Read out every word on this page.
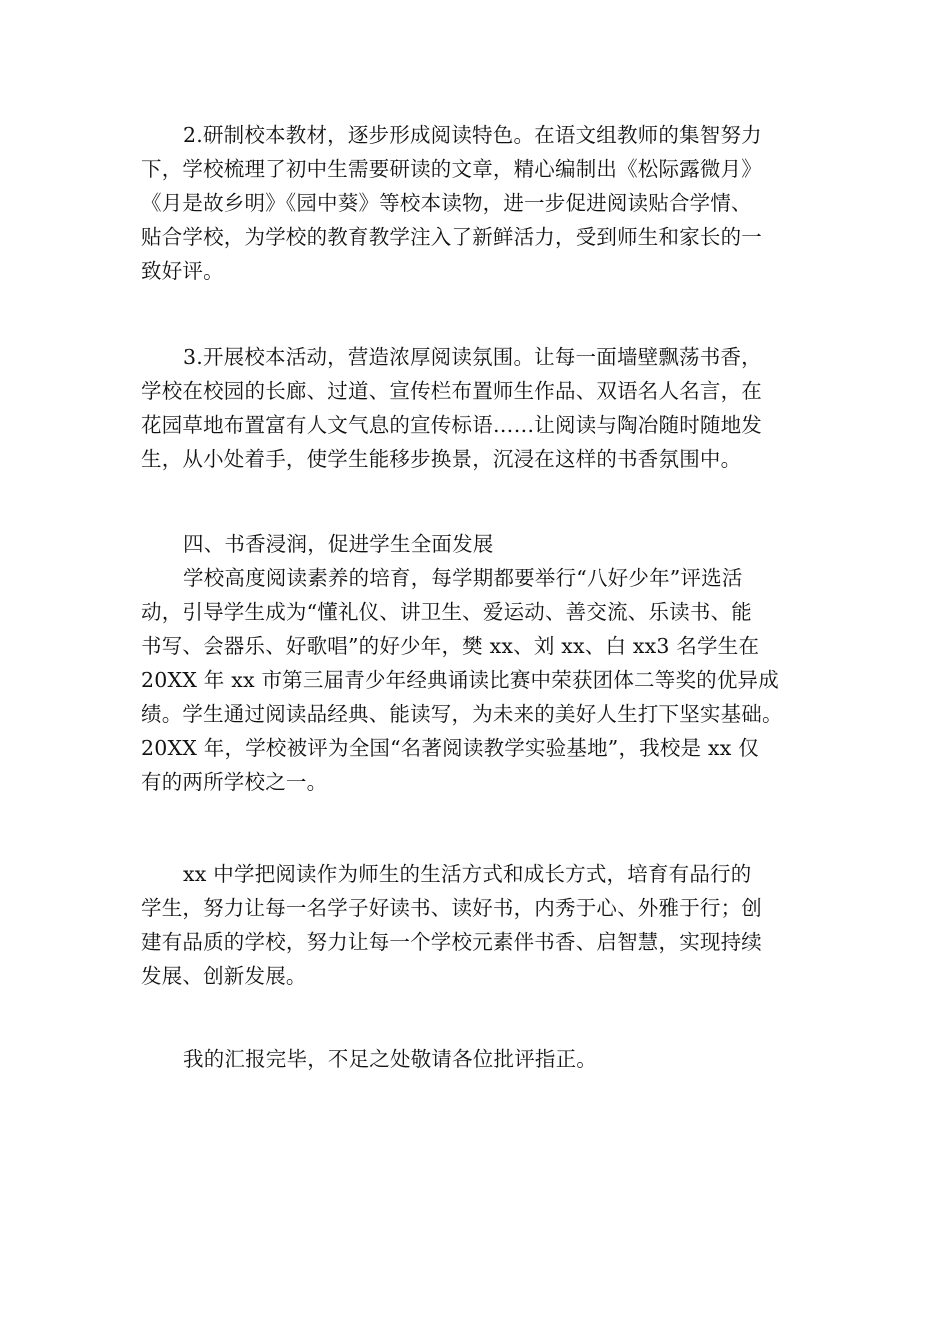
2.研制校本教材，逐步形成阅读特色。在语文组教师的集智努力
下，学校梳理了初中生需要研读的文章，精心编制出《松际露微月》
《月是故乡明》《园中葵》等校本读物，进一步促进阅读贴合学情、
贴合学校，为学校的教育教学注入了新鲜活力，受到师生和家长的一
致好评。
3.开展校本活动，营造浓厚阅读氛围。让每一面墙壁飘荡书香，
学校在校园的长廊、过道、宣传栏布置师生作品、双语名人名言，在
花园草地布置富有人文气息的宣传标语……让阅读与陶冶随时随地发
生，从小处着手，使学生能移步换景，沉浸在这样的书香氛围中。
四、书香浸润，促进学生全面发展
学校高度阅读素养的培育，每学期都要举行“八好少年”评选活
动，引导学生成为“懂礼仪、讲卫生、爱运动、善交流、乐读书、能
书写、会器乐、好歌唱”的好少年，樊 xx、刘 xx、白 xx3 名学生在
20XX 年 xx 市第三届青少年经典诵读比赛中荣获团体二等奖的优异成
绩。学生通过阅读品经典、能读写，为未来的美好人生打下坚实基础。
20XX 年，学校被评为全国“名著阅读教学实验基地”，我校是 xx 仅
有的两所学校之一。
xx 中学把阅读作为师生的生活方式和成长方式，培育有品行的
学生，努力让每一名学子好读书、读好书，内秀于心、外雅于行；创
建有品质的学校，努力让每一个学校元素伴书香、启智慧，实现持续
发展、创新发展。
我的汇报完毕，不足之处敬请各位批评指正。
